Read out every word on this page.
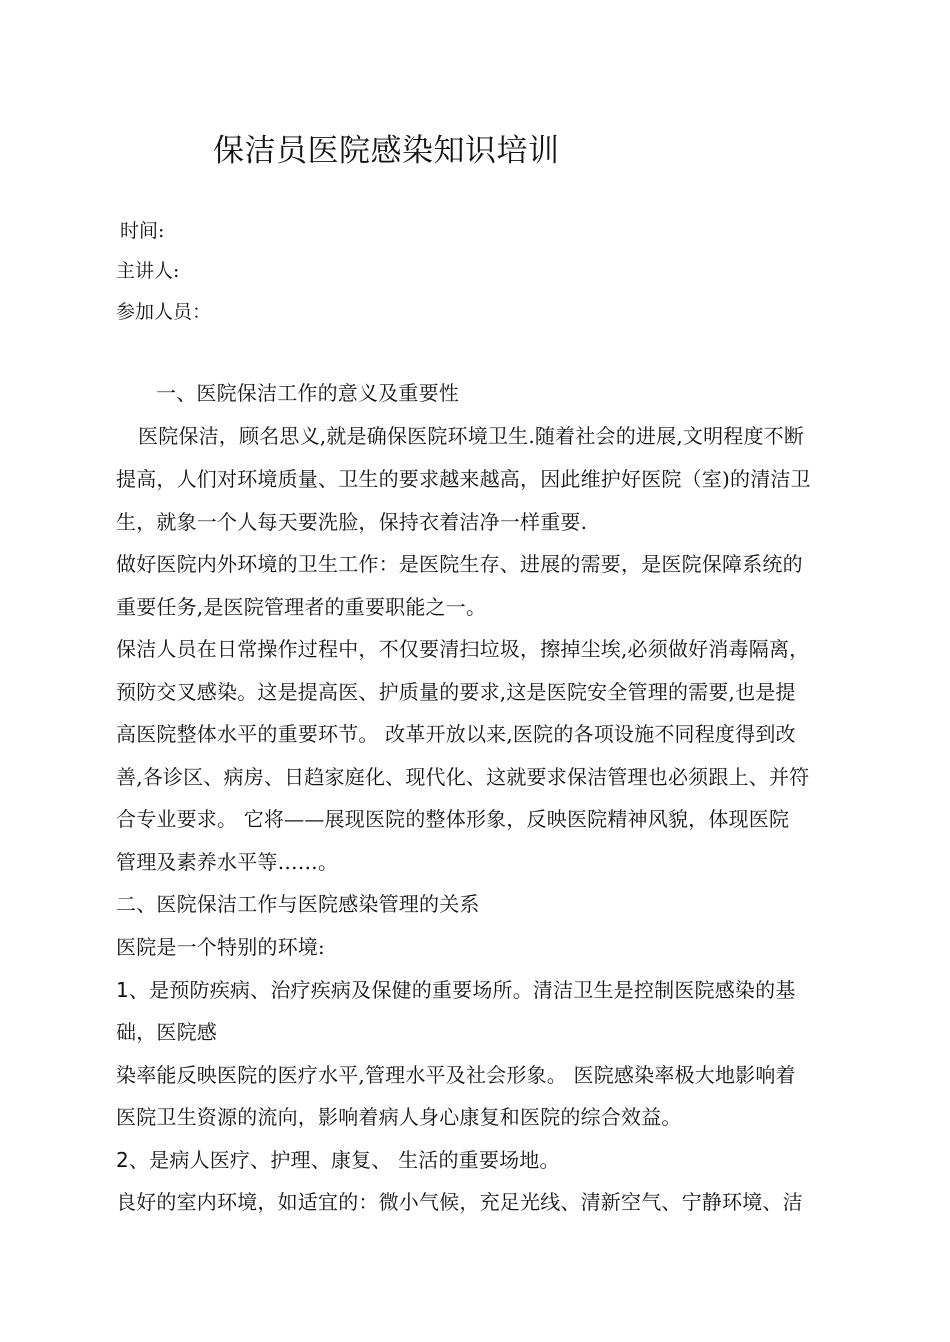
保洁员医院感染知识培训
时间:
主讲人:
参加人员：
一、医院保洁工作的意义及重要性
医院保洁，顾名思义,就是确保医院环境卫生.随着社会的进展,文明程度不断
提高，人们对环境质量、卫生的要求越来越高，因此维护好医院（室)的清洁卫
生，就象一个人每天要洗脸，保持衣着洁净一样重要.
做好医院内外环境的卫生工作：是医院生存、进展的需要，是医院保障系统的
重要任务,是医院管理者的重要职能之一。
保洁人员在日常操作过程中，不仅要清扫垃圾，擦掉尘埃,必须做好消毒隔离，
预防交叉感染。这是提高医、护质量的要求,这是医院安全管理的需要,也是提
高医院整体水平的重要环节。 改革开放以来,医院的各项设施不同程度得到改
善,各诊区、病房、日趋家庭化、现代化、这就要求保洁管理也必须跟上、并符
合专业要求。 它将——展现医院的整体形象，反映医院精神风貌，体现医院
管理及素养水平等……。
二、医院保洁工作与医院感染管理的关系
医院是一个特别的环境:
1、是预防疾病、治疗疾病及保健的重要场所。清洁卫生是控制医院感染的基
础，医院感
染率能反映医院的医疗水平,管理水平及社会形象。 医院感染率极大地影响着
医院卫生资源的流向，影响着病人身心康复和医院的综合效益。
2、是病人医疗、护理、康复、 生活的重要场地。
良好的室内环境，如适宜的：微小气候，充足光线、清新空气、宁静环境、洁
